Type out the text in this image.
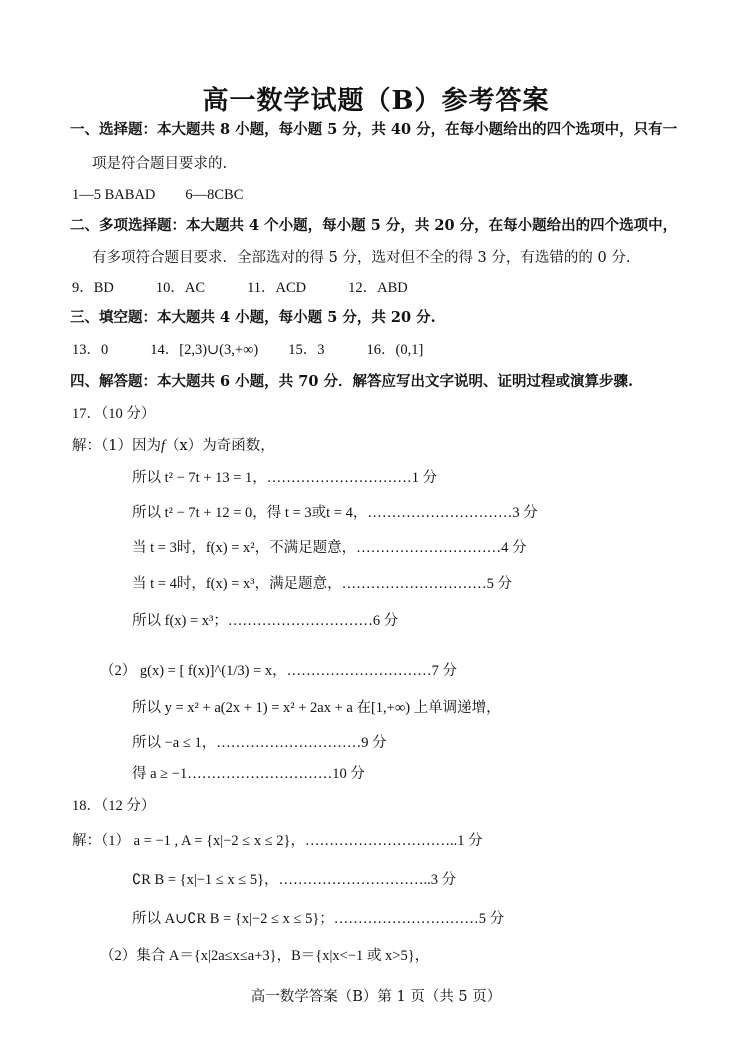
高一数学试题（B）参考答案
一、选择题：本大题共 8 小题，每小题 5 分，共 40 分，在每小题给出的四个选项中，只有一
项是符合题目要求的.
1—5 BABAD 6—8CBC
二、多项选择题：本大题共 4 个小题，每小题 5 分，共 20 分，在每小题给出的四个选项中，
有多项符合题目要求．全部选对的得 5 分，选对但不全的得 3 分，有选错的的 0 分.
9．BD	10．AC	11．ACD	12．ABD
三、填空题：本大题共 4 小题，每小题 5 分，共 20 分.
13．0	14．[2,3)∪(3,+∞) 15．3	16．(0,1]
四、解答题：本大题共 6 小题，共 70 分．解答应写出文字说明、证明过程或演算步骤.
17．（10 分）
解：（1）因为f（x）为奇函数，
所以 t² − 7t + 13 = 1，…………………………1 分
所以 t² − 7t + 12 = 0，得 t = 3或t = 4，…………………………3 分
当 t = 3时，f(x) = x²，不满足题意，…………………………4 分
当 t = 4时，f(x) = x³，满足题意，…………………………5 分
所以 f(x) = x³；…………………………6 分
（2） g(x) = [ f(x)]^(1/3) = x，…………………………7 分
所以 y = x² + a(2x + 1) = x² + 2ax + a 在[1,+∞) 上单调递增，
所以 −a ≤ 1，…………………………9 分
得 a ≥ −1…………………………10 分
18．（12 分）
解：（1） a = −1 , A = {x|−2 ≤ x ≤ 2}，…………………………..1 分
∁R B = {x|−1 ≤ x ≤ 5}，…………………………..3 分
所以 A∪∁R B = {x|−2 ≤ x ≤ 5}；…………………………5 分
（2）集合 A＝{x|2a≤x≤a+3}，B＝{x|x<−1 或 x>5}，
高一数学答案（B）第 1 页（共 5 页）
